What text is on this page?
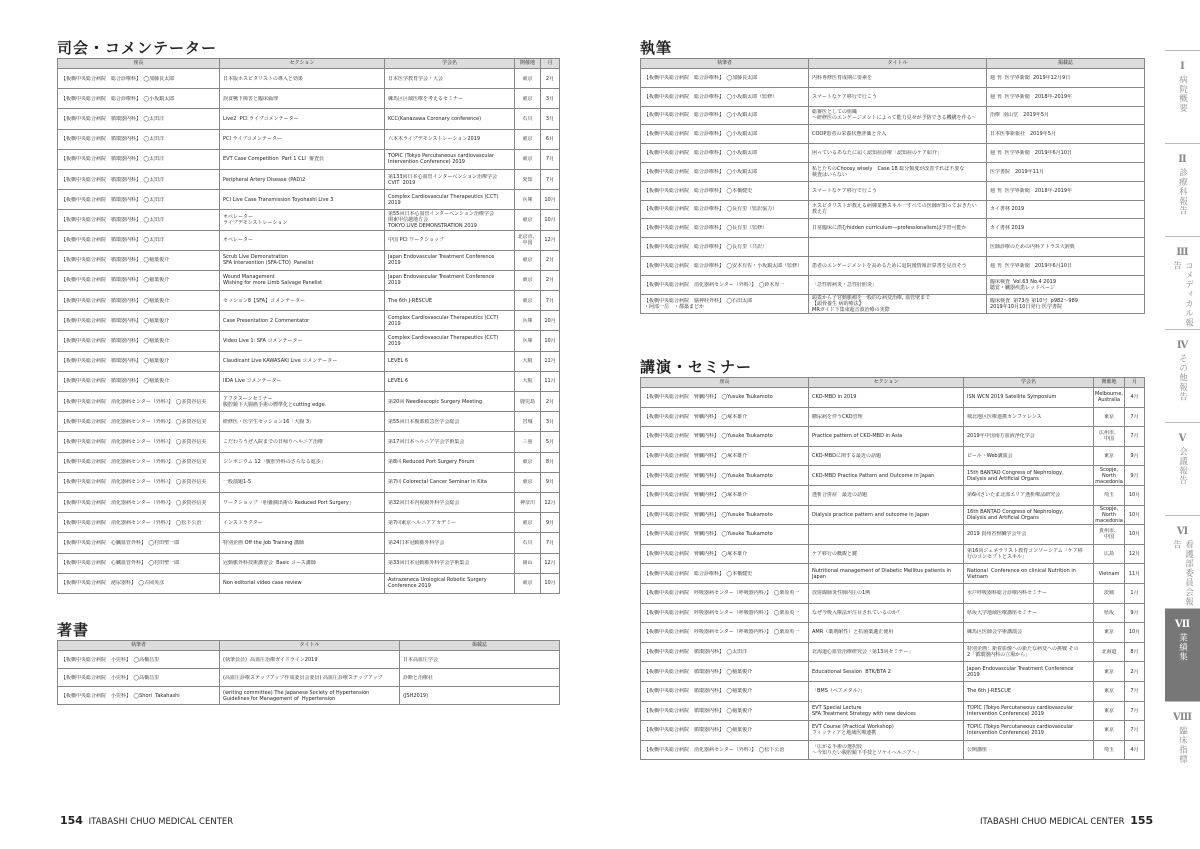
司会・コメンテーター
座長	セクション	学会名	開催地	月

【板橋中央総合病院　総合診療科】　◯加藤良太郎	日本版ホスピタリストの導入と効果	日本医学教育学会・大会	東京	2月

【板橋中央総合病院　総合診療科】　◯小坂鎮太郎	誤食嚥下障害と臨床倫理	練馬区区域医療を考えるセミナー	東京	3月

【板橋中央総合病院　循環器内科】　◯太田洋	Live2  PCI ライブコメンテーター	KCC(Kanazawa Coronary conference)	石川	3月

【板橋中央総合病院　循環器内科】　◯太田洋	PCI ライブコメンテーター	六本木ライブデモンストレーション2019	東京	6月

【板橋中央総合病院　循環器内科】　◯太田洋	EVT Case Competition  Part 1 CLI  審査員	TOPIC (Tokyo Percutaneous cardiovascular
Intervention Conference) 2019	東京	7月

【板橋中央総合病院　循環器内科】　◯太田洋	Peripheral Artery Disease (PAD)2	第133回日本心血管インターベンション治療学会
CVIT  2019	愛知	7月

【板橋中央総合病院　循環器内科】　◯太田洋	PCI Live Case Transmission Toyohashi Live 3	Complex Cardiovascular Therapeutics (CCT)
2019	兵庫	10月

【板橋中央総合病院　循環器内科】　◯太田洋	オペレーター
ライブデモンストレーション	第55回日本心血管インターベンション治療学会
関東甲信越地方会
TOKYO LIVE DEMONSTRATION 2019	東京	10月

【板橋中央総合病院　循環器内科】　◯太田洋	オペレーター	中国 PCI ワークショップ	北京市、
中国	12月

【板橋中央総合病院　循環器内科】　◯稲葉俊介	Scrub Live Demonstration
SFA Intervention (SFA-CTO)  Panelist	Japan Endovascular Treatment Conference
2019	東京	2月

【板橋中央総合病院　循環器内科】　◯稲葉俊介	Wound Management
Wishing for more Limb Salvage Panelist	Japan Endovascular Treatment Conference
2019	東京	2月

【板橋中央総合病院　循環器内科】　◯稲葉俊介	セッション8【SFA】コメンテーター	The 6th J-RESCUE	東京	7月

【板橋中央総合病院　循環器内科】　◯稲葉俊介	Case Presentation 2 Commentator	Complex Cardiovascular Therapeutics (CCT)
2019	兵庫	10月

【板橋中央総合病院　循環器内科】　◯稲葉俊介	Video Live 1: SFA コメンテーター	Complex Cardiovascular Therapeutics (CCT)
2019	兵庫	10月

【板橋中央総合病院　循環器内科】　◯稲葉俊介	Claudicant Live KAWASAKI Live コメンテーター	LEVEL 6	大阪	11月

【板橋中央総合病院　循環器内科】　◯稲葉俊介	IIDA Live コメンテーター	LEVEL 6	大阪	11月

【板橋中央総合病院　消化器病センター（外科）】　◯多賀谷信美	アフタヌーンセミナー
腹腔鏡下大腸癌手術の標準化とcutting edge.	第20回 Needlescopic Surgery Meeting	鹿児島	2月

【板橋中央総合病院　消化器病センター（外科）】　◯多賀谷信美	研修医・医学生セッション16「大腸 3」	第55回日本腹部救急医学会総会	宮城	3月

【板橋中央総合病院　消化器病センター（外科）】　◯多賀谷信美	こだわろうぜ入院までの日帰りヘルニア治療	第17回日本ヘルニア学会学術集会	三重	5月

【板橋中央総合病院　消化器病センター（外科）】　◯多賀谷信美	シンポジウム 12「腹腔外科のさらなる進歩」	第8回 Reduced Port Surgery Forum	東京	8月

【板橋中央総合病院　消化器病センター（外科）】　◯多賀谷信美	一般演題1-5	第7回 Colorectal Cancer Seminar in Kita	東京	9月

【板橋中央総合病院　消化器病センター（外科）】　◯多賀谷信美	ワークショップ「胆嚢摘出術の Reduced Port Surgery」	第32回日本内視鏡外科学会総会	神奈川	12月

【板橋中央総合病院　消化器病センター（外科）】　◯松下公治	インストラクター	第7回東京ヘルニアアカデミー	東京	9月

【板橋中央総合病院　心臓血管外科】　◯村田聖一郎	特別企画 Off the Job Training 講師	第24日本冠動脈外科学会	石川	7月

【板橋中央総合病院　心臓血管外科】　◯村田聖一郎	冠動脈外科技術講習会  Basic コース講師	第33回日本冠動脈外科学会学術集会	岡山	12月

【板橋中央総合病院　泌尿器科】　◯古岡英彦	Non editorial video case review	Astrazeneca Urological Robotic Surgery
Conference 2019	東京	10月
著書
執筆者	タイトル	掲載誌

【板橋中央総合病院　小児科】　◯高橋昌里	(執筆員員)  高血圧治療ガイドライン2019	日本高血圧学会

【板橋中央総合病院　小児科】　◯高橋昌里	(高血圧診療ステップアップ作成委員会委員) 高血圧診療ステップアップ	診断と治療社

【板橋中央総合病院　小児科】　◯Shori  Takahashi	(writing committee) The Japanese Society of Hypertension
Guidelines for Management of  Hypertension	(JSH2019)
154 ITABASHI CHUO MEDICAL CENTER
執筆
執筆者	タイトル	掲載誌

【板橋中央総合病院　総合診療科】　◯加藤良太郎	内科専修医育成期に要素を	週 刊  医学界新聞  2019年12月9日

【板橋中央総合病院　総合診療科】　◯小坂鎮太郎（監修）	スマートなケア移行で行こう	週 刊  医学界新聞　2018年-2019年

【板橋中央総合病院　総合診療科】　◯小坂鎮太郎	総審医としての組織
〜研修医のエンゲージメントによって能力見せが予防できる機構を作る〜	治療  南山堂　2019年5月

【板橋中央総合病院　総合診療科】　◯小坂鎮太郎	COOP患者の栄養状態評価と介入	日本医事新報社　2019年5月

【板橋中央総合病院　総合診療科】　◯小坂鎮太郎	困っているあなたに届く認知症診療「認知症のケア紹介」	週 刊  医学界新聞　2019年6月10日

【板橋中央総合病院　総合診療科】　◯小坂鎮太郎	私とたちのChoosy wisely　Case 18 総分類度が改善すれば不要な
検査はいらない	医学書院　2019年11月

【板橋中央総合病院　総合診療科】　◯本橋健史	スマートなケア移行で行こう	週 刊  医学界新聞　2018年-2019年

【板橋中央総合病院　総合診療科】　◯長有里（監訳協力）	ホスピタリストが教える病棟業務スキル一すべての医師が知っておきたい
教え方	カイ書林 2019

【板橋中央総合病院　総合診療科】　◯長有里（監修）	日常臨床に潜むhidden curriculum―professionalismは学習可能か	カイ書林 2019

【板橋中央総合病院　総合診療科】　◯長有里（共訳）		医師診療のための内科アトラス大辞典

【板橋中央総合病院　総合診療科】　◯安本有佐・小坂鎮太郎（監修）	患者のエンゲージメントを高めるために退院後情報計算書を見直そう	週 刊  医学界新聞　2019年6月10日

【板橋中央総合病院　消化器病センター（外科）】　◯鈴木厚一	「急性膵病炎・急性肝胆炎」	臨床検査  Vol.63 No.4 2019
聴覚・臓器疾患レッドページ

【板橋中央総合病院　脳神経外科】　◯石田太郎
・阿部一岳　・都築まどか	頭蓋から子宮動脈瘤を一般的な病変治療, 血管壁まで
【頭骨養生 病的療法】
MRガイド下集束超音波治療の実際	臨床検査  第73巻 第10号  p982〜989
2019年10月10日発行 医学書院
講演・セミナー
座長	セクション	学会名	開催地	月

【板橋中央総合病院　腎臓内科】　◯Yusuke Tsukamoto	CKD-MBD in 2019	ISN WCN 2019 Satellite Symposium	Melbourne,
Australia	4月

【板橋中央総合病院　腎臓内科】　◯塚本雄介	糖尿病を伴うCKD管理	城北地区医療連携カンファレンス	東京	7月

【板橋中央総合病院　腎臓内科】　◯Yusuke Tsukamoto	Practice pattern of CKD-MBD in Asia	2019年中国南方血液浄化学会	広州市、
中国	7月

【板橋中央総合病院　腎臓内科】　◯塚本雄介	CKD-MBDに関する最近の話題	ビール・Web講演会	東京	9月

【板橋中央総合病院　腎臓内科】　◯Yusuke Tsukamoto	CKD-MBD Practice Pattern and Outcome in Japan	15th BANTAO Congress of Nephrology,
Dialysis and Artificial Organs	Scopje,
North
macedonia	9月

【板橋中央総合病院　腎臓内科】　◯塚本雄介	透析合併症　最近の話題	第6回さいたま北部エリア透析療法研究会	埼玉	10月

【板橋中央総合病院　腎臓内科】　◯Yusuke Tsukamoto	Dialysis practice pattern and outcome in Japan	16th BANTAO Congress of Nephrology,
Dialysis and Artificial Organs	Scopje,
North
macedonia	10月

【板橋中央総合病院　腎臓内科】　◯Yusuke Tsukamoto		2019 貴州省腎臓学会年会	貴州市、
中国	10月

【板橋中央総合病院　腎臓内科】　◯塚本雄介	ケア移行の概観と鍵	第16回ジェネラリスト教育コンソーシアム「ケア移
行のコンセプトとスキル」	広島	12月

【板橋中央総合病院　総合診療科】　◯本橋健史	Nutritional management of Diabetic Mellitus patients in
Japan	National  Conference on clinical Nutrition in
Vietnam	Vietnam	11月

【板橋中央総合病院　呼吸器病センター（呼吸器内科）】　◯栗原英一	放射線肺炎性肺内圧の1例	水戸呼吸器科総合診療内科セミナー	茨城	1月

【板橋中央総合病院　呼吸器病センター（呼吸器内科）】　◯栗原英一	なぜ今吸入療法が注目されているのか？	県坂大学地域医療講座セミナー	県坂	9月

【板橋中央総合病院　呼吸器病センター（呼吸器内科）】　◯栗原英一	AMR（薬剤耐性）と抗菌薬適正使用	練馬区医師会学術講演会	東京	10月

【板橋中央総合病院　循環器内科】　◯太田洋	北海道心血管治療研究会「第13回セミナー」	特別企画：新着影像への新たな病変への挑戦 その
2「循環器内科の立場から」	北海道	8月

【板橋中央総合病院　循環器内科】　◯稲葉俊介	Educational Session  BTK/BTA 2	Japan Endovascular Treatment Conference
2019	東京	2月

【板橋中央総合病院　循環器内科】　◯稲葉俊介	「BMS（ベアメタル）」	The 6th J-RESCUE	東京	7月

【板橋中央総合病院　循環器内科】　◯稲葉俊介	EVT Special Lecture
SFA Treatment Strategy with new devices	TOPIC (Tokyo Percutaneous cardiovascular
Intervention Conference) 2019	東京	7月

【板橋中央総合病院　循環器内科】　◯稲葉俊介	EVT Course (Practical Workshop)
フィッティアと地域医療連携	TOPIC (Tokyo Percutaneous cardiovascular
Intervention Conference) 2019	東京	7月

【板橋中央総合病院　消化器病センター（外科）】　◯松下公治	「広がる手術の選択肢
〜今知りたい腹腔鏡下手技とソケイヘルニア〜」	公開講座	埼玉	4月
ITABASHI CHUO MEDICAL CENTER 155
Ⅰ
病院概要
Ⅱ
診療科報告
Ⅲ
コメディカル報告
Ⅳ
その他報告
Ⅴ
会議報告
Ⅵ
看護部委員会報告
Ⅶ
業績集
Ⅷ
臨床指標
